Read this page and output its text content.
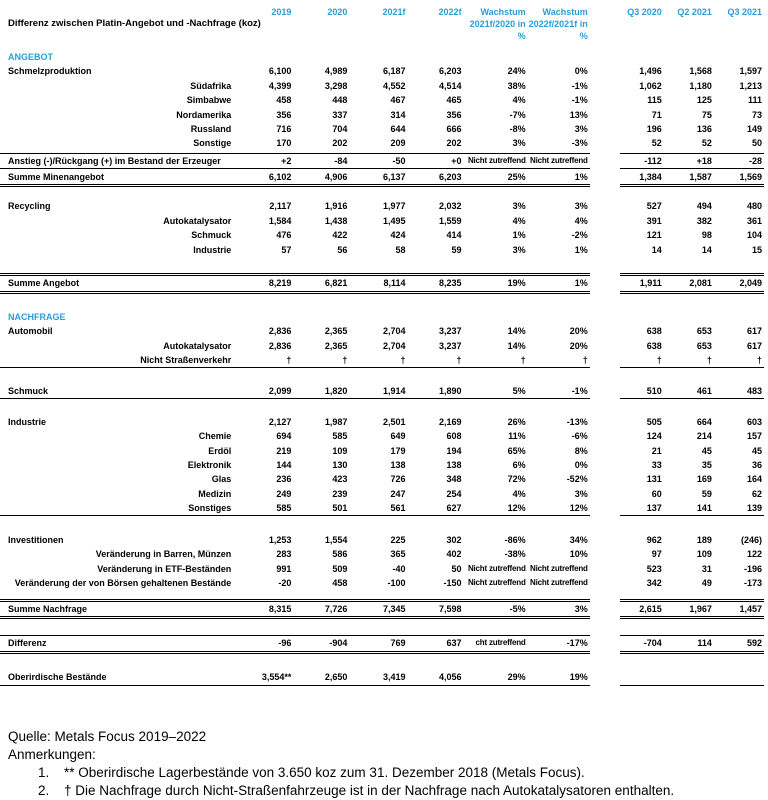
	2019	2020	2021f	2022f	Wachstum	Wachstum		Q3 2020	Q2 2021	Q3 2021
Differenz zwischen Platin-Angebot und -Nachfrage (koz)					2021f/2020 in	2022f/2021f in				
					%	%				
ANGEBOT										
Schmelzproduktion	6,100	4,989	6,187	6,203	24%	0%		1,496	1,568	1,597
Südafrika	4,399	3,298	4,552	4,514	38%	-1%		1,062	1,180	1,213
Simbabwe	458	448	467	465	4%	-1%		115	125	111
Nordamerika	356	337	314	356	-7%	13%		71	75	73
Russland	716	704	644	666	-8%	3%		196	136	149
Sonstige	170	202	209	202	3%	-3%		52	52	50

Anstieg (-)/Rückgang (+) im Bestand der Erzeuger	+2	-84	-50	+0	Nicht zutreffend	Nicht zutreffend		-112	+18	-28
Summe Minenangebot	6,102	4,906	6,137	6,203	25%	1%		1,384	1,587	1,569

Recycling	2,117	1,916	1,977	2,032	3%	3%		527	494	480
Autokatalysator	1,584	1,438	1,495	1,559	4%	4%		391	382	361
Schmuck	476	422	424	414	1%	-2%		121	98	104
Industrie	57	56	58	59	3%	1%		14	14	15

Summe Angebot	8,219	6,821	8,114	8,235	19%	1%		1,911	2,081	2,049

NACHFRAGE										
Automobil	2,836	2,365	2,704	3,237	14%	20%		638	653	617
Autokatalysator	2,836	2,365	2,704	3,237	14%	20%		638	653	617
Nicht Straßenverkehr	†	†	†	†	†	†		†	†	†

Schmuck	2,099	1,820	1,914	1,890	5%	-1%		510	461	483

Industrie	2,127	1,987	2,501	2,169	26%	-13%		505	664	603
Chemie	694	585	649	608	11%	-6%		124	214	157
Erdöl	219	109	179	194	65%	8%		21	45	45
Elektronik	144	130	138	138	6%	0%		33	35	36
Glas	236	423	726	348	72%	-52%		131	169	164
Medizin	249	239	247	254	4%	3%		60	59	62
Sonstiges	585	501	561	627	12%	12%		137	141	139

Investitionen	1,253	1,554	225	302	-86%	34%		962	189	(246)
Veränderung in Barren, Münzen	283	586	365	402	-38%	10%		97	109	122
Veränderung in ETF-Beständen	991	509	-40	50	Nicht zutreffend	Nicht zutreffend		523	31	-196
Veränderung der von Börsen gehaltenen Bestände	-20	458	-100	-150	Nicht zutreffend	Nicht zutreffend		342	49	-173

Summe Nachfrage	8,315	7,726	7,345	7,598	-5%	3%		2,615	1,967	1,457

Differenz	-96	-904	769	637	cht zutreffend	-17%		-704	114	592

Oberirdische Bestände	3,554**	2,650	3,419	4,056	29%	19%				
Quelle: Metals Focus 2019–2022
Anmerkungen:
1.	** Oberirdische Lagerbestände von 3.650 koz zum 31. Dezember 2018 (Metals Focus).
2.	† Die Nachfrage durch Nicht-Straßenfahrzeuge ist in der Nachfrage nach Autokatalysatoren enthalten.
